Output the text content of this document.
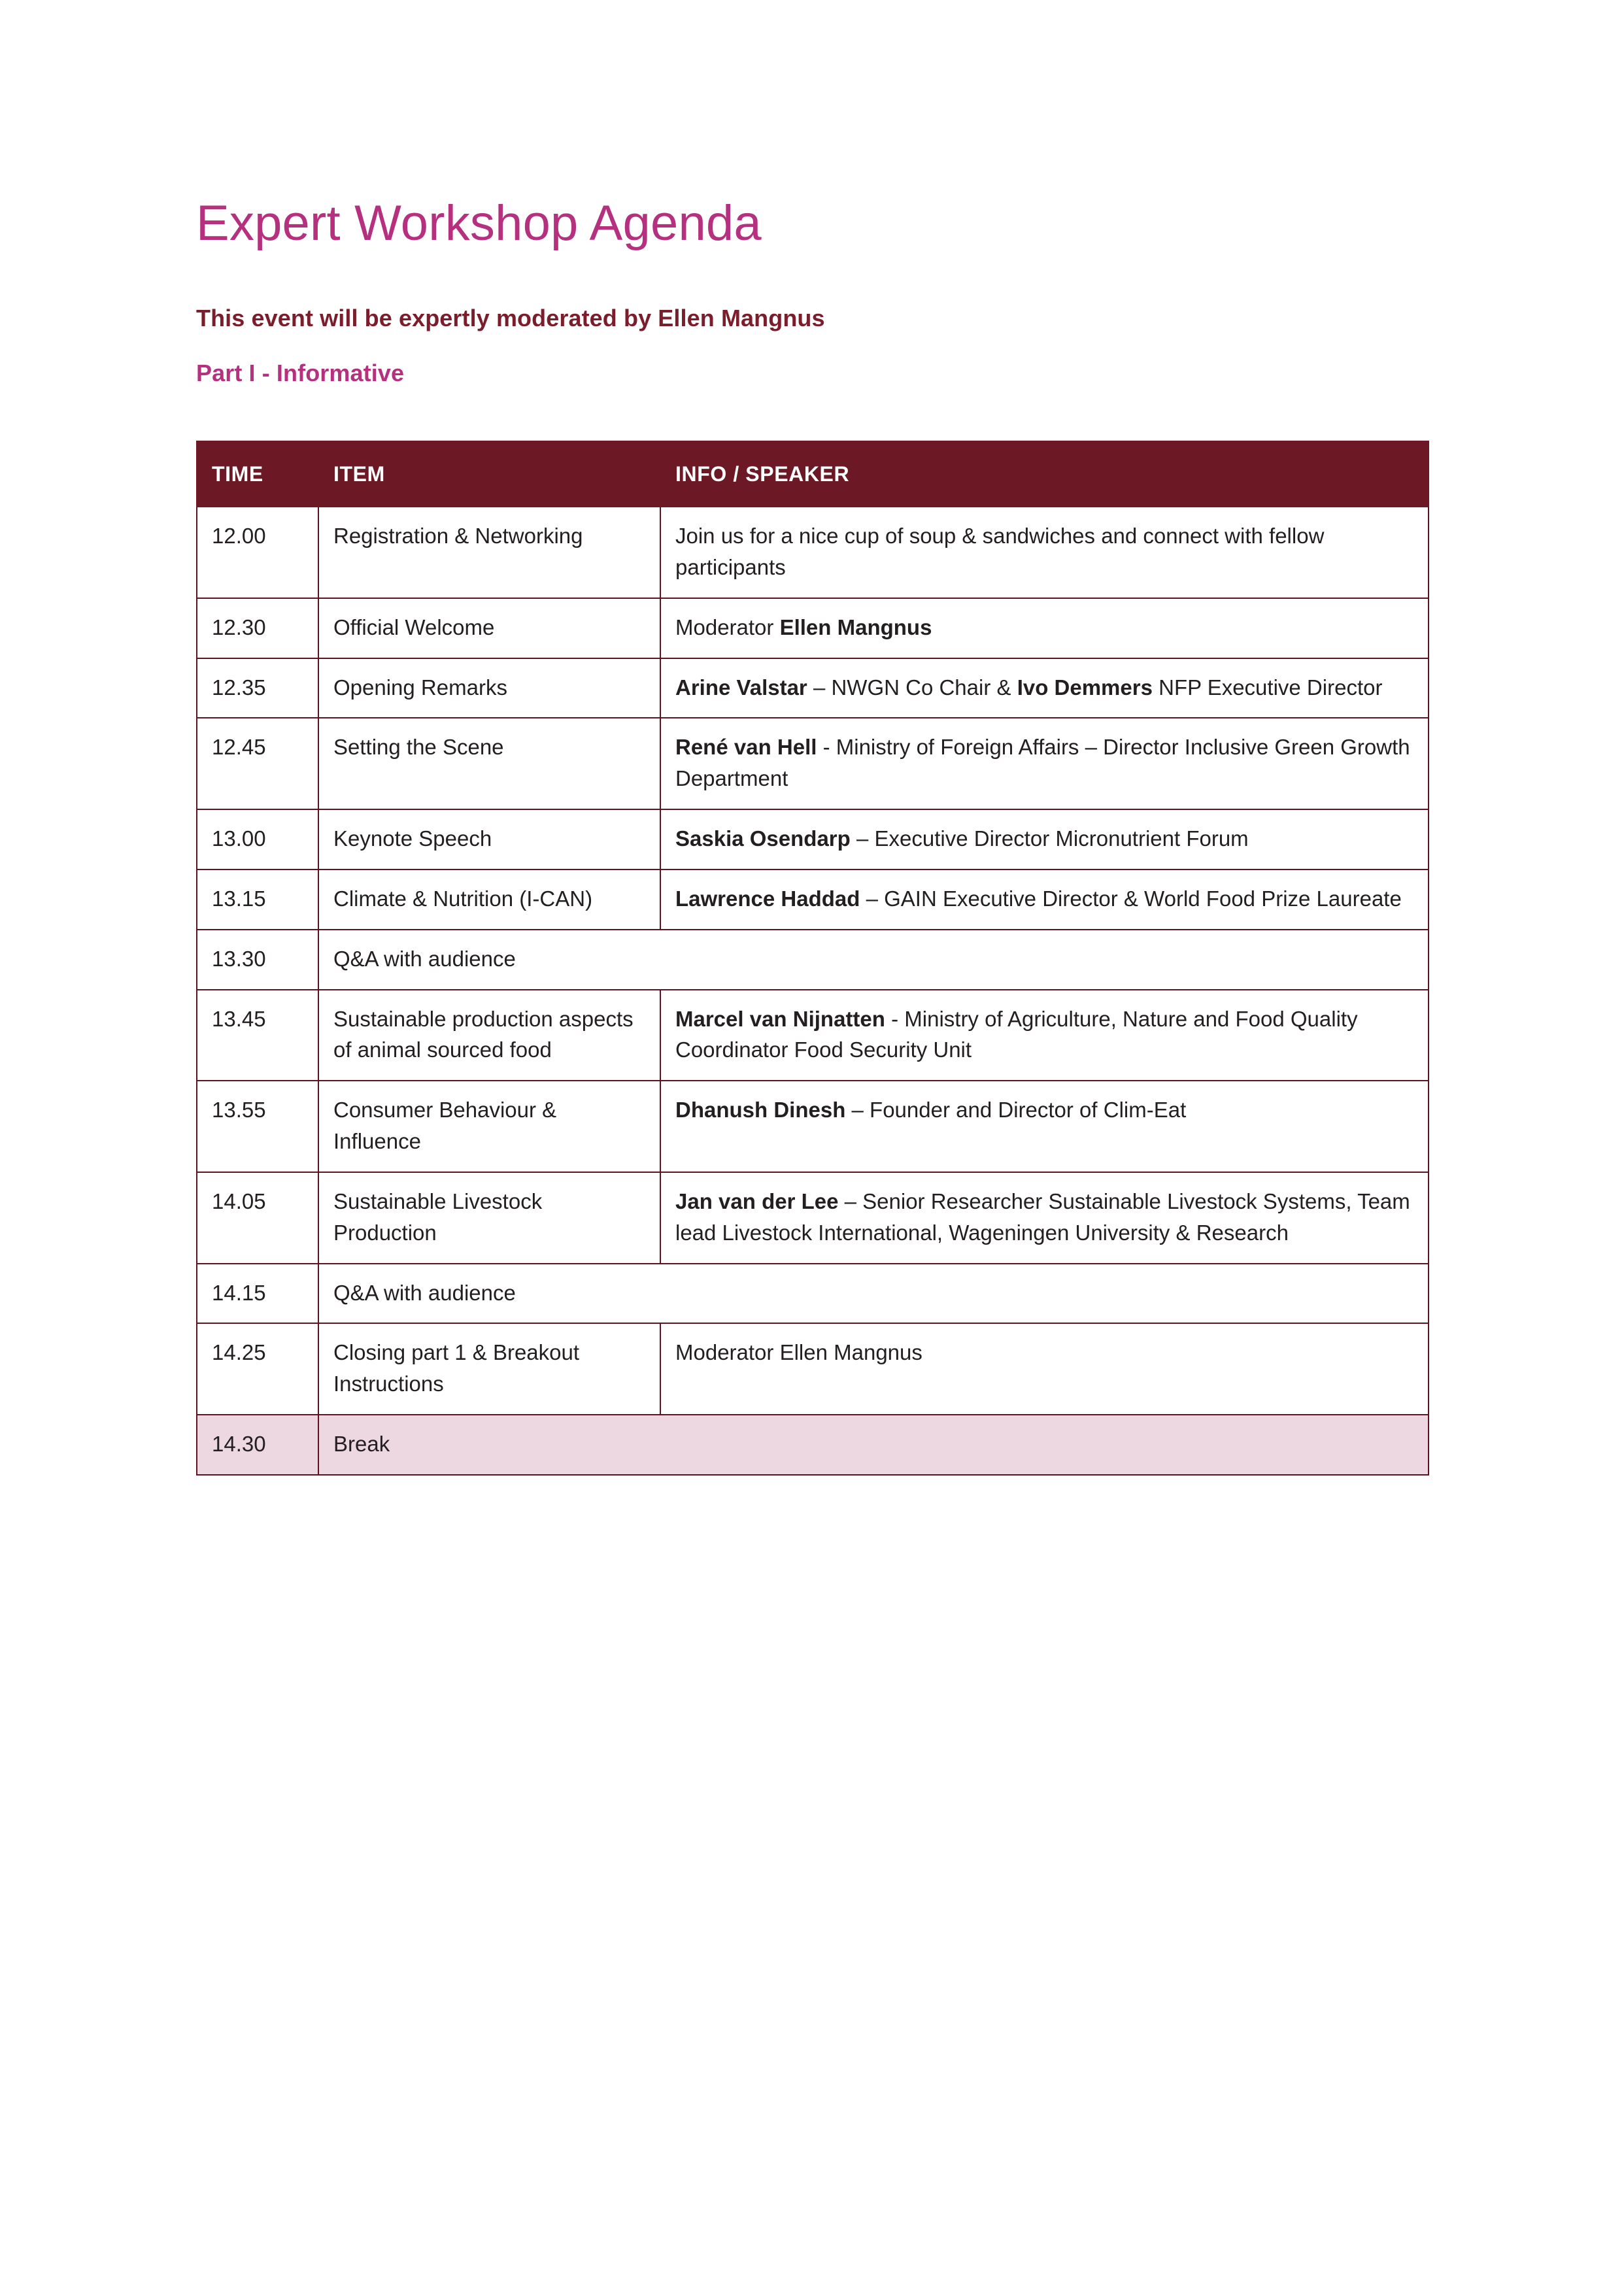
Expert Workshop Agenda

This event will be expertly moderated by Ellen Mangnus

Part I - Informative

TIME	ITEM	INFO / SPEAKER
12.00	Registration & Networking	Join us for a nice cup of soup & sandwiches and connect with fellow participants
12.30	Official Welcome	Moderator Ellen Mangnus
12.35	Opening Remarks	Arine Valstar – NWGN Co Chair & Ivo Demmers NFP Executive Director
12.45	Setting the Scene	René van Hell - Ministry of Foreign Affairs – Director Inclusive Green Growth Department
13.00	Keynote Speech	Saskia Osendarp – Executive Director Micronutrient Forum
13.15	Climate & Nutrition (I-CAN)	Lawrence Haddad – GAIN Executive Director & World Food Prize Laureate
13.30	Q&A with audience	
13.45	Sustainable production aspects of animal sourced food	Marcel van Nijnatten - Ministry of Agriculture, Nature and Food Quality Coordinator Food Security Unit
13.55	Consumer Behaviour & Influence	Dhanush Dinesh – Founder and Director of Clim-Eat
14.05	Sustainable Livestock Production	Jan van der Lee – Senior Researcher Sustainable Livestock Systems, Team lead Livestock International, Wageningen University & Research
14.15	Q&A with audience	
14.25	Closing part 1 & Breakout Instructions	Moderator Ellen Mangnus
14.30	Break	
